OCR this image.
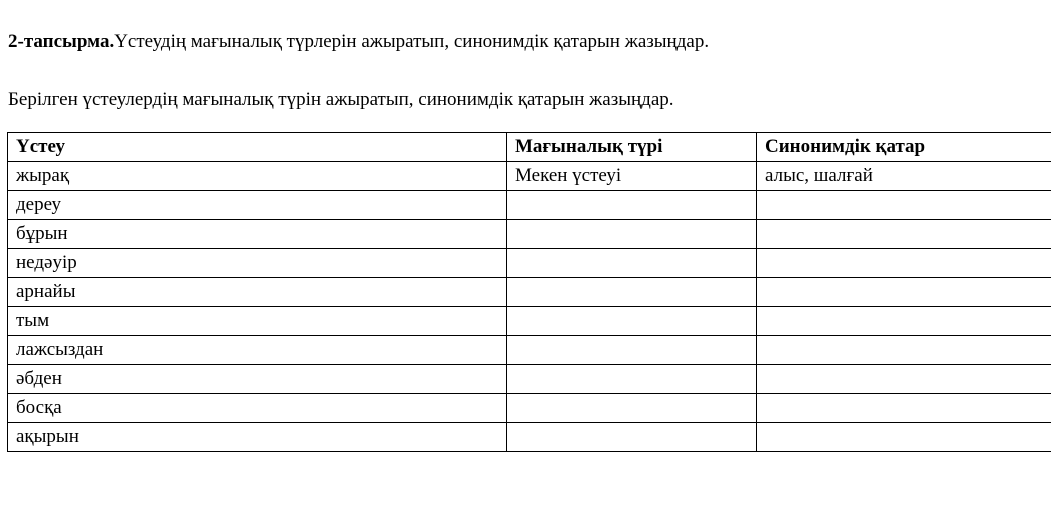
2-тапсырма.Үстеудің мағыналық түрлерін ажыратып, синонимдік қатарын жазыңдар.
Берілген үстеулердің мағыналық түрін ажыратып, синонимдік қатарын жазыңдар.
Үстеу	Мағыналық түрі	Синонимдік қатар
жырақ	Мекен үстеуі	алыс, шалғай
дереу		
бұрын		
недәуір		
арнайы		
тым		
лажсыздан		
әбден		
босқа		
ақырын		
